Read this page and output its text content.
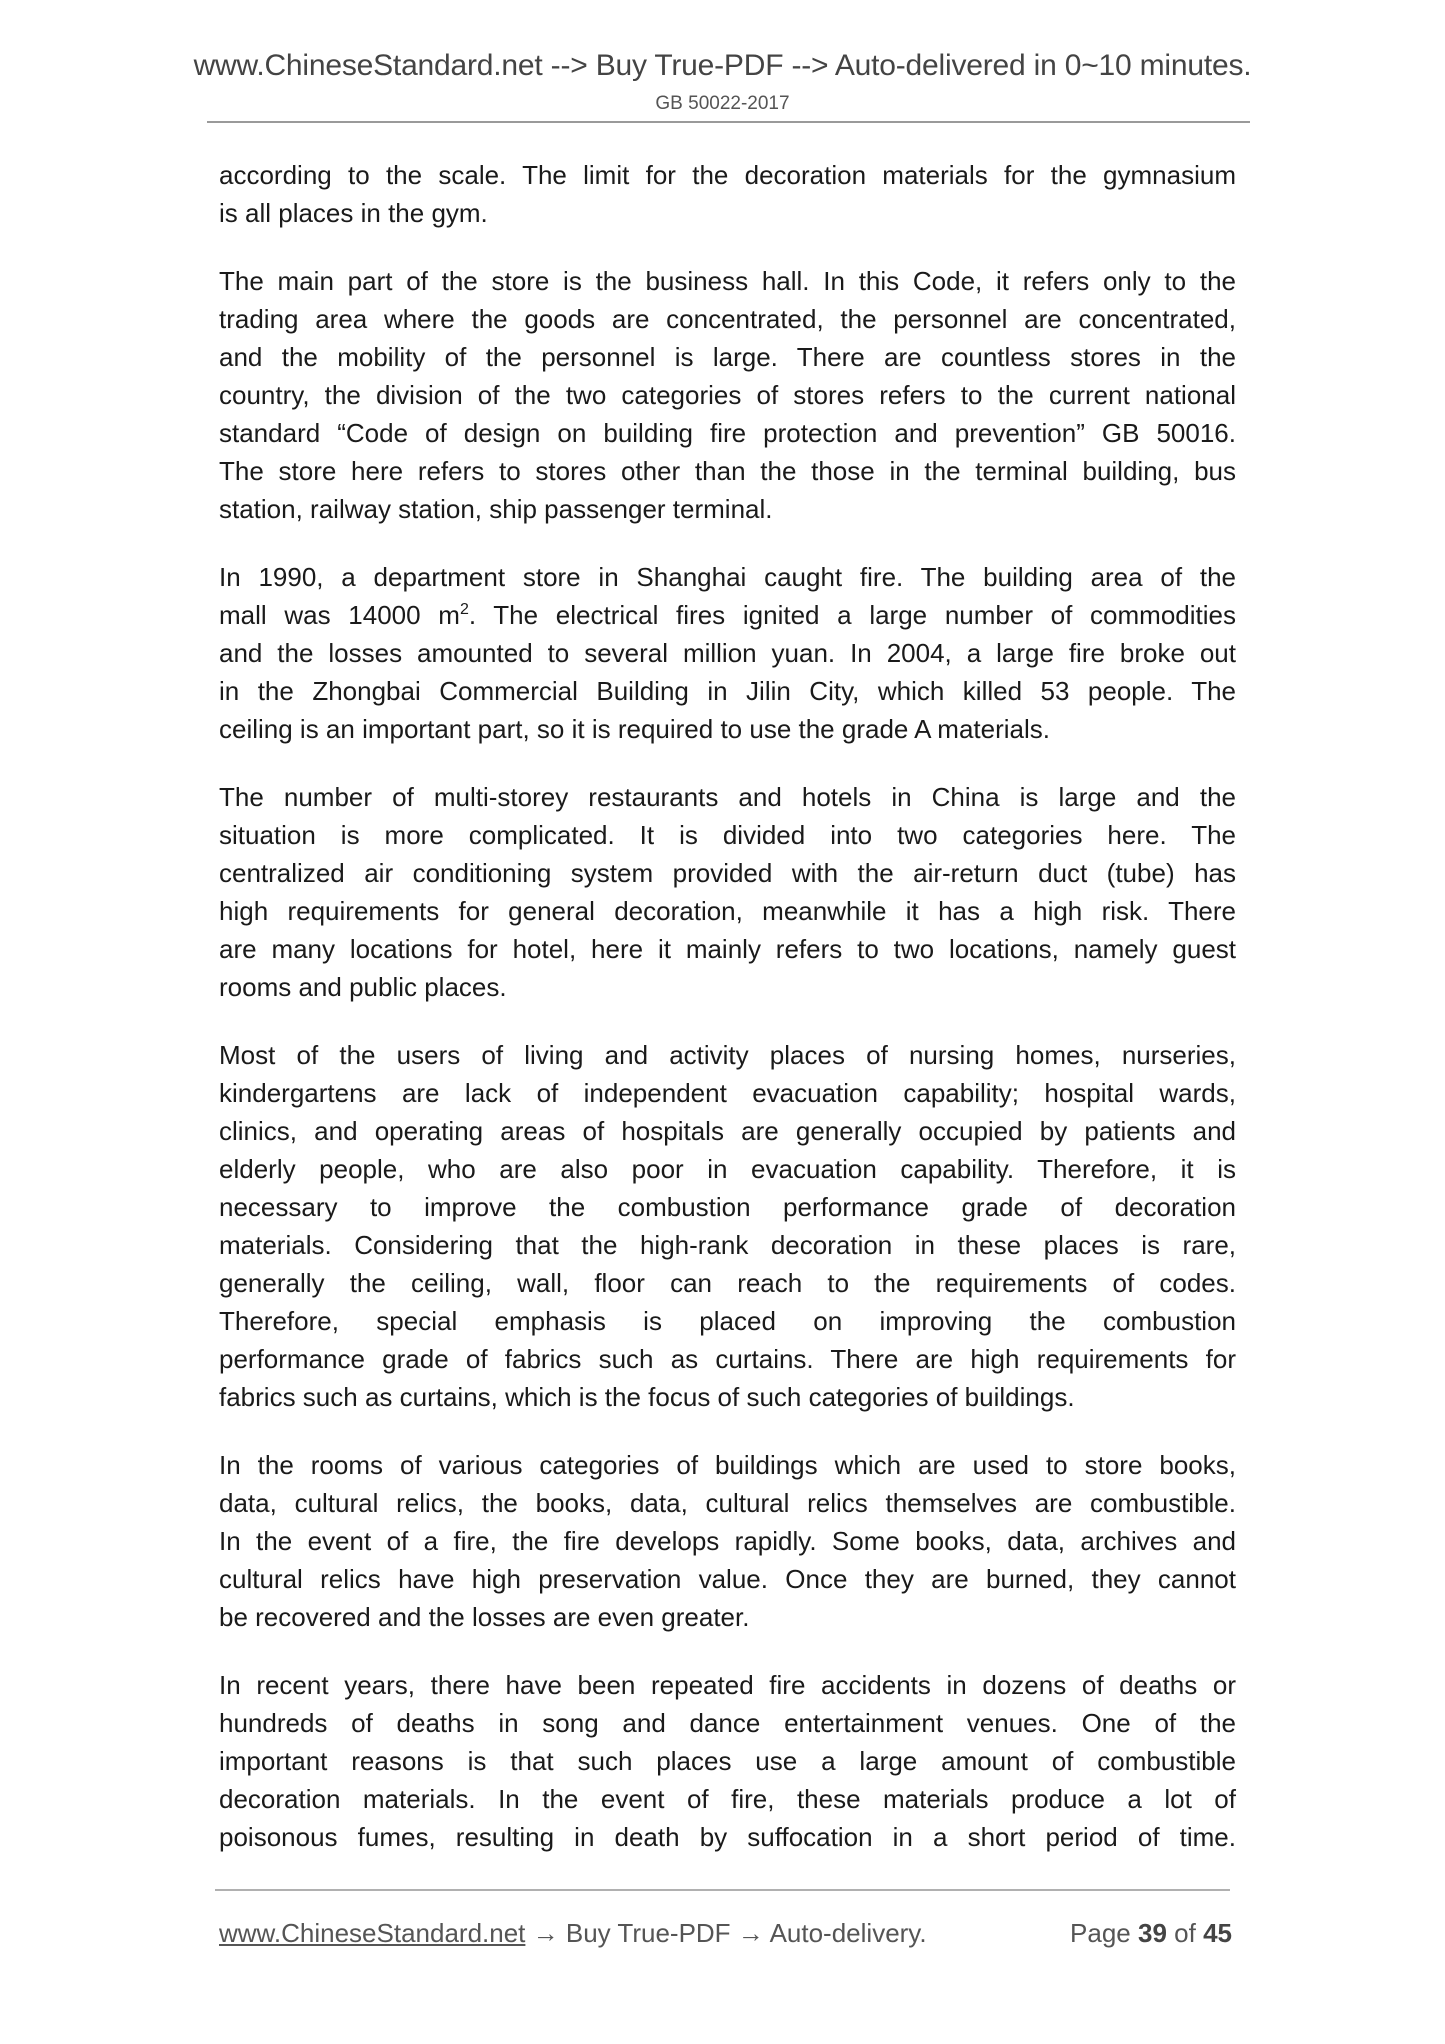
www.ChineseStandard.net --> Buy True-PDF --> Auto-delivered in 0~10 minutes.
GB 50022-2017
according to the scale. The limit for the decoration materials for the gymnasium
is all places in the gym.
The main part of the store is the business hall. In this Code, it refers only to the
trading area where the goods are concentrated, the personnel are concentrated,
and the mobility of the personnel is large. There are countless stores in the
country, the division of the two categories of stores refers to the current national
standard “Code of design on building fire protection and prevention” GB 50016.
The store here refers to stores other than the those in the terminal building, bus
station, railway station, ship passenger terminal.
In 1990, a department store in Shanghai caught fire. The building area of the
mall was 14000 $m^2$. The electrical fires ignited a large number of commodities
and the losses amounted to several million yuan. In 2004, a large fire broke out
in the Zhongbai Commercial Building in Jilin City, which killed 53 people. The
ceiling is an important part, so it is required to use the grade A materials.
The number of multi-storey restaurants and hotels in China is large and the
situation is more complicated. It is divided into two categories here. The
centralized air conditioning system provided with the air-return duct (tube) has
high requirements for general decoration, meanwhile it has a high risk. There
are many locations for hotel, here it mainly refers to two locations, namely guest
rooms and public places.
Most of the users of living and activity places of nursing homes, nurseries,
kindergartens are lack of independent evacuation capability; hospital wards,
clinics, and operating areas of hospitals are generally occupied by patients and
elderly people, who are also poor in evacuation capability. Therefore, it is
necessary to improve the combustion performance grade of decoration
materials. Considering that the high-rank decoration in these places is rare,
generally the ceiling, wall, floor can reach to the requirements of codes.
Therefore, special emphasis is placed on improving the combustion
performance grade of fabrics such as curtains. There are high requirements for
fabrics such as curtains, which is the focus of such categories of buildings.
In the rooms of various categories of buildings which are used to store books,
data, cultural relics, the books, data, cultural relics themselves are combustible.
In the event of a fire, the fire develops rapidly. Some books, data, archives and
cultural relics have high preservation value. Once they are burned, they cannot
be recovered and the losses are even greater.
In recent years, there have been repeated fire accidents in dozens of deaths or
hundreds of deaths in song and dance entertainment venues. One of the
important reasons is that such places use a large amount of combustible
decoration materials. In the event of fire, these materials produce a lot of
poisonous fumes, resulting in death by suffocation in a short period of time.
www.ChineseStandard.net → Buy True-PDF → Auto-delivery.	Page 39 of 45
